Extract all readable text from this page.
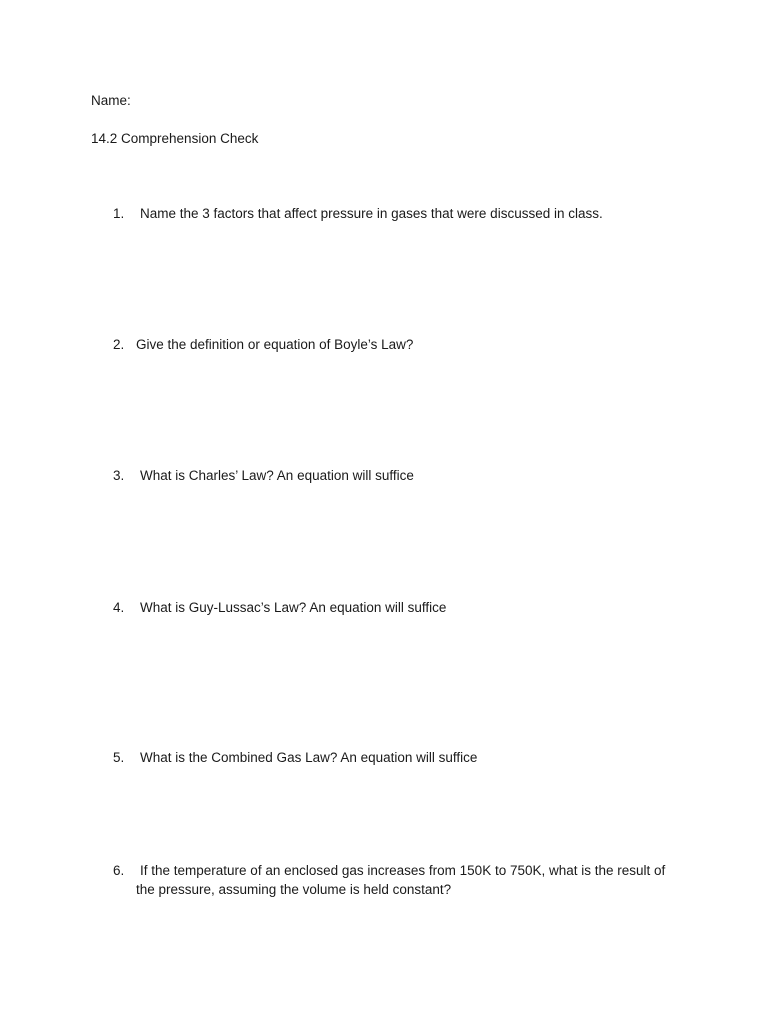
Name:
14.2 Comprehension Check
1. Name the 3 factors that affect pressure in gases that were discussed in class.
2. Give the definition or equation of Boyle’s Law?
3. What is Charles’ Law? An equation will suffice
4. What is Guy-Lussac’s Law? An equation will suffice
5. What is the Combined Gas Law? An equation will suffice
6. If the temperature of an enclosed gas increases from 150K to 750K, what is the result of
the pressure, assuming the volume is held constant?
